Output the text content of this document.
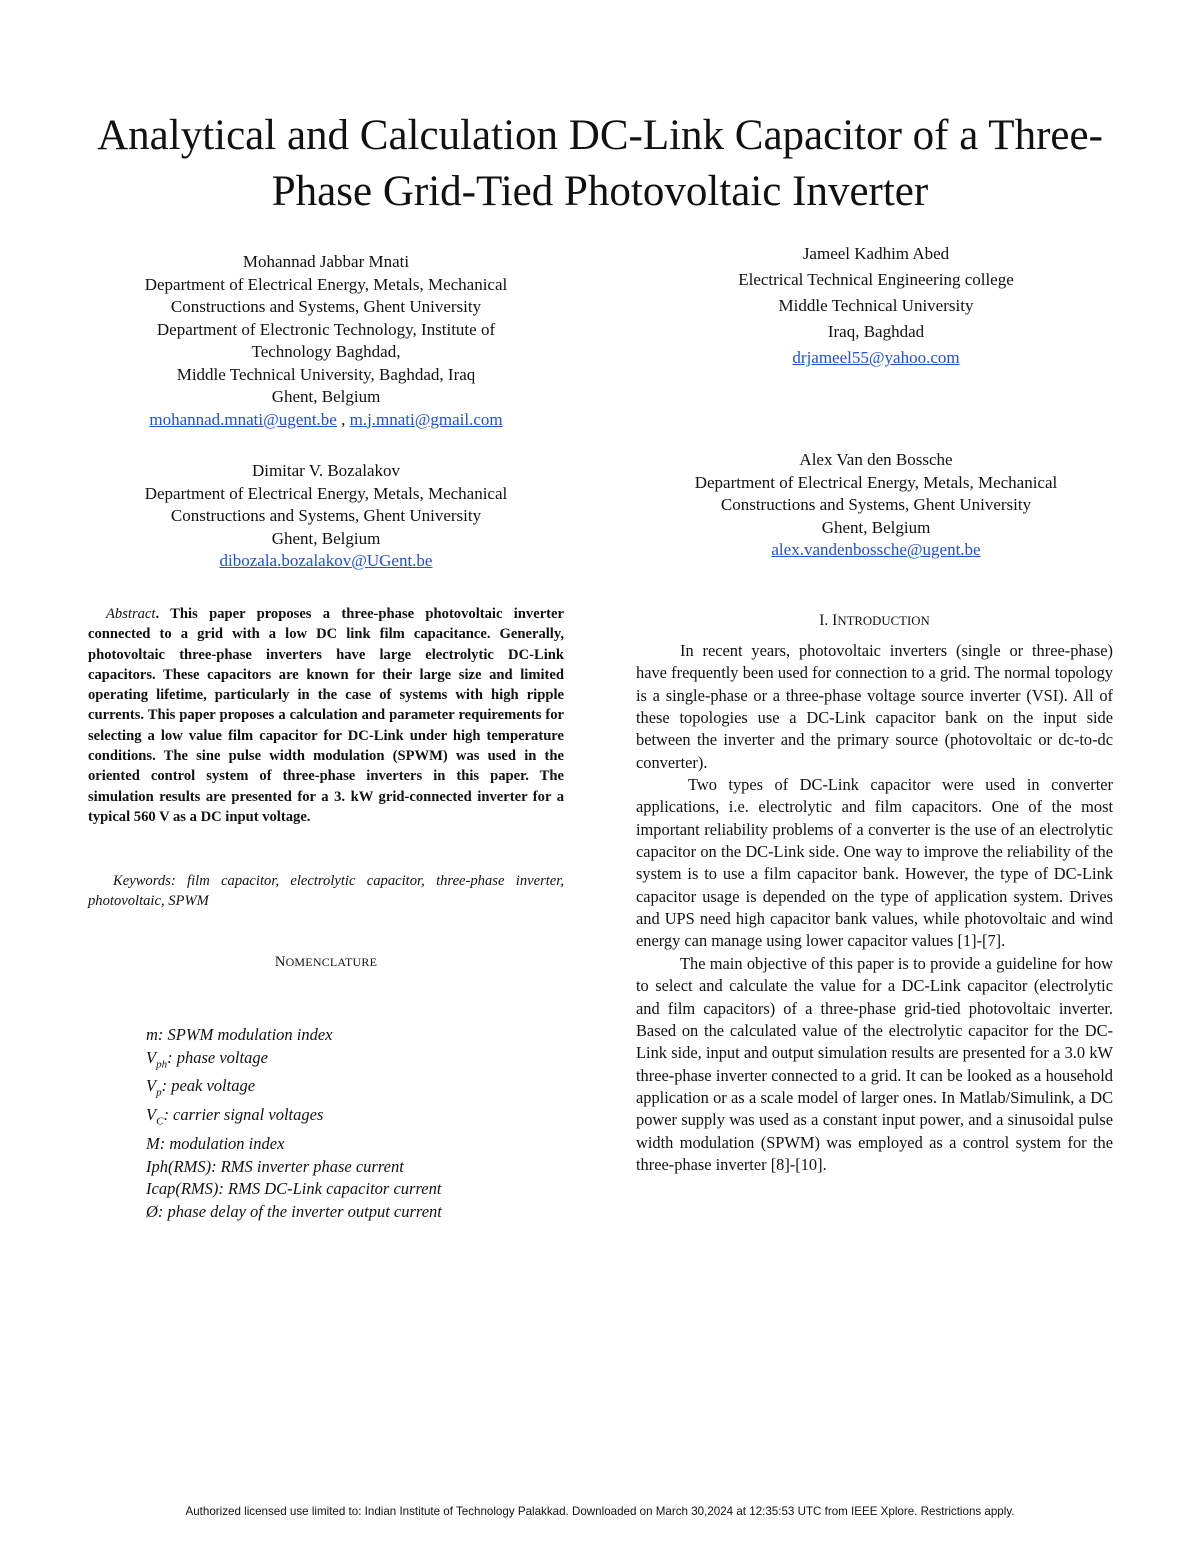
Analytical and Calculation DC-Link Capacitor of a Three-Phase Grid-Tied Photovoltaic Inverter
Mohannad Jabbar Mnati
Department of Electrical Energy, Metals, Mechanical
Constructions and Systems, Ghent University
Department of Electronic Technology, Institute of
Technology Baghdad,
Middle Technical University, Baghdad, Iraq
Ghent, Belgium
mohannad.mnati@ugent.be , m.j.mnati@gmail.com
Jameel Kadhim Abed
Electrical Technical Engineering college
Middle Technical University
Iraq, Baghdad
drjameel55@yahoo.com
Dimitar V. Bozalakov
Department of Electrical Energy, Metals, Mechanical
Constructions and Systems, Ghent University
Ghent, Belgium
dibozala.bozalakov@UGent.be
Alex Van den Bossche
Department of Electrical Energy, Metals, Mechanical
Constructions and Systems, Ghent University
Ghent, Belgium
alex.vandenbossche@ugent.be

Abstract. This paper proposes a three-phase photovoltaic inverter connected to a grid with a low DC link film capacitance. Generally, photovoltaic three-phase inverters have large electrolytic DC-Link capacitors. These capacitors are known for their large size and limited operating lifetime, particularly in the case of systems with high ripple currents. This paper proposes a calculation and parameter requirements for selecting a low value film capacitor for DC-Link under high temperature conditions. The sine pulse width modulation (SPWM) was used in the oriented control system of three-phase inverters in this paper. The simulation results are presented for a 3. kW grid-connected inverter for a typical 560 V as a DC input voltage.

Keywords: film capacitor, electrolytic capacitor, three-phase inverter, photovoltaic, SPWM

NOMENCLATURE
m: SPWM modulation index
$V_{ph}$: phase voltage
$V_p$: peak voltage
$V_C$: carrier signal voltages
M: modulation index
Iph(RMS): RMS inverter phase current
Icap(RMS): RMS DC-Link capacitor current
Ø: phase delay of the inverter output current
I. INTRODUCTION

In recent years, photovoltaic inverters (single or three-phase) have frequently been used for connection to a grid. The normal topology is a single-phase or a three-phase voltage source inverter (VSI). All of these topologies use a DC-Link capacitor bank on the input side between the inverter and the primary source (photovoltaic or dc-to-dc converter).

Two types of DC-Link capacitor were used in converter applications, i.e. electrolytic and film capacitors. One of the most important reliability problems of a converter is the use of an electrolytic capacitor on the DC-Link side. One way to improve the reliability of the system is to use a film capacitor bank. However, the type of DC-Link capacitor usage is depended on the type of application system. Drives and UPS need high capacitor bank values, while photovoltaic and wind energy can manage using lower capacitor values [1]-[7].

The main objective of this paper is to provide a guideline for how to select and calculate the value for a DC-Link capacitor (electrolytic and film capacitors) of a three-phase grid-tied photovoltaic inverter. Based on the calculated value of the electrolytic capacitor for the DC-Link side, input and output simulation results are presented for a 3.0 kW three-phase inverter connected to a grid. It can be looked as a household application or as a scale model of larger ones. In Matlab/Simulink, a DC power supply was used as a constant input power, and a sinusoidal pulse width modulation (SPWM) was employed as a control system for the three-phase inverter [8]-[10].

Authorized licensed use limited to: Indian Institute of Technology Palakkad. Downloaded on March 30,2024 at 12:35:53 UTC from IEEE Xplore. Restrictions apply.
